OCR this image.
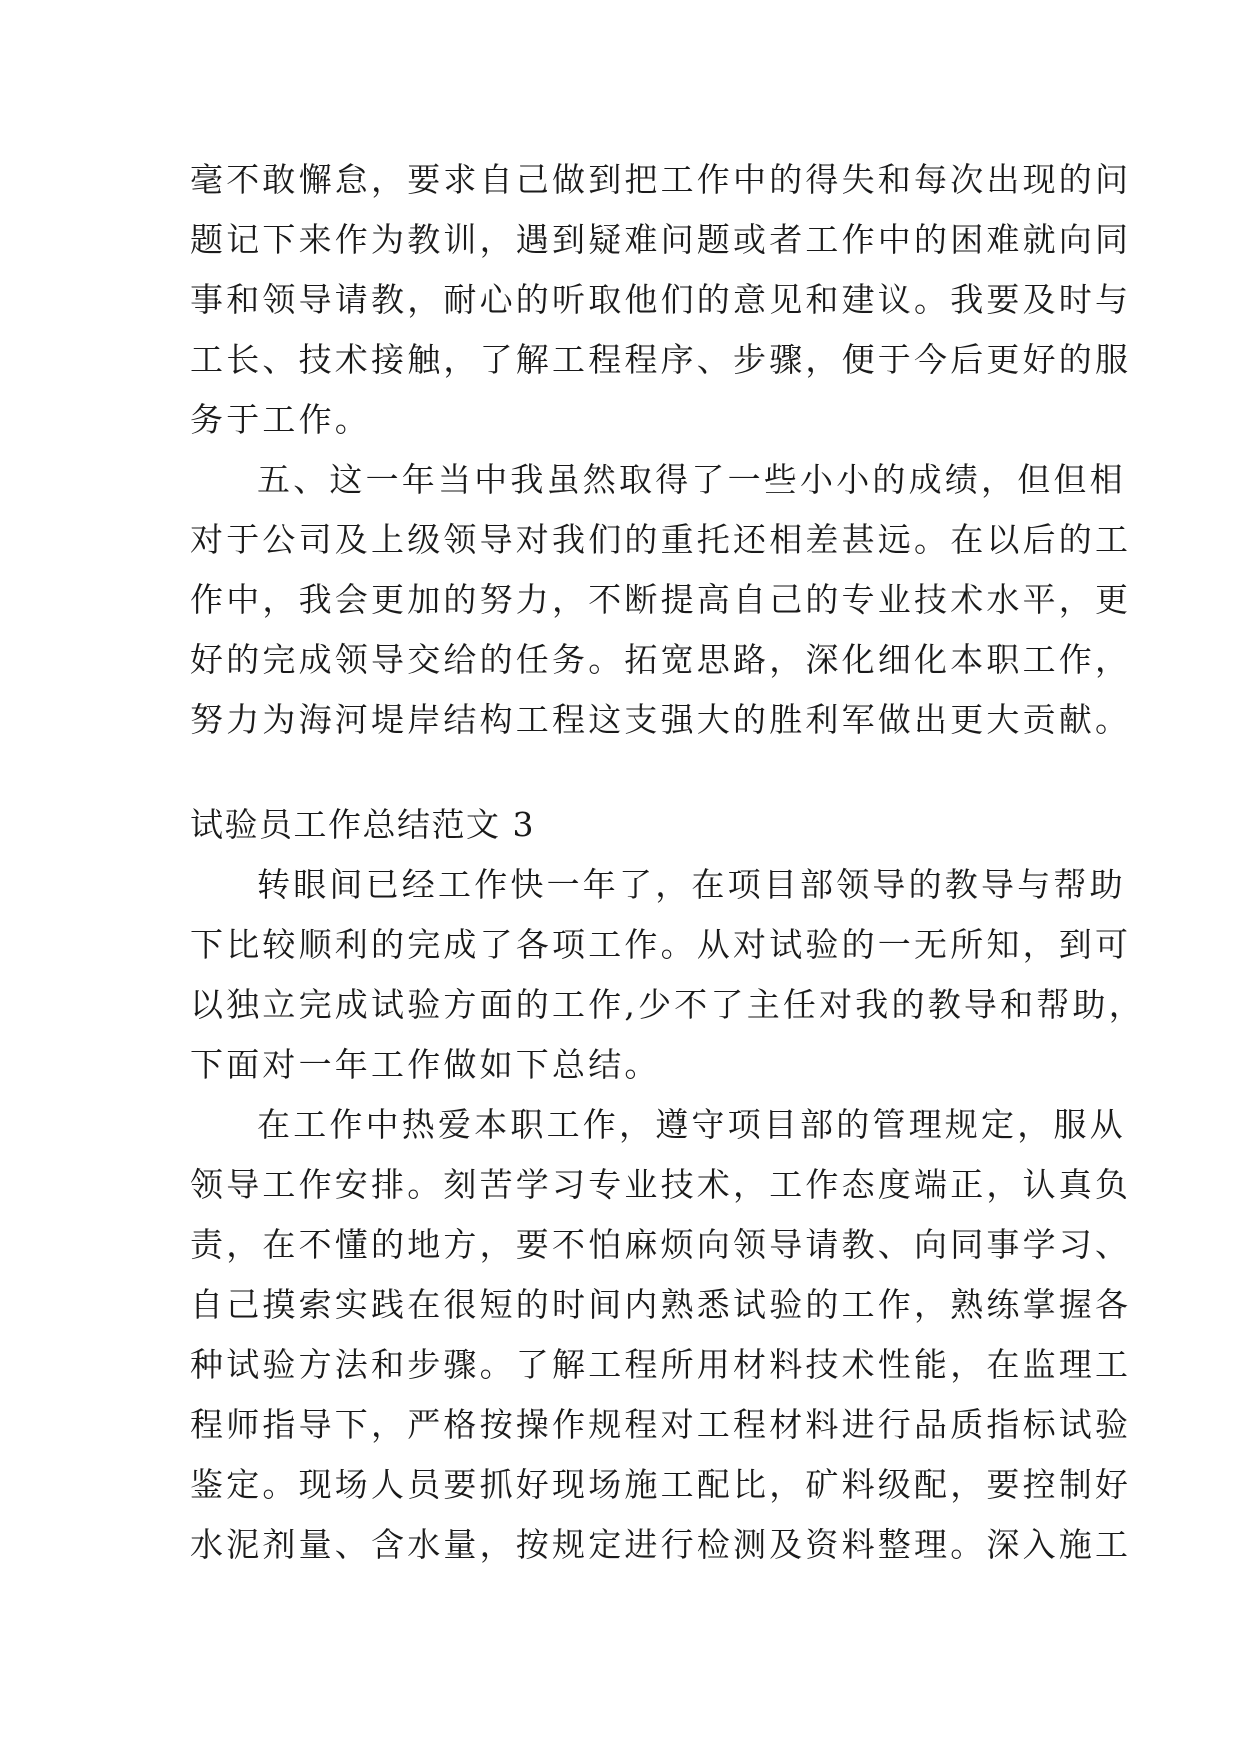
毫不敢懈怠，要求自己做到把工作中的得失和每次出现的问
题记下来作为教训，遇到疑难问题或者工作中的困难就向同
事和领导请教，耐心的听取他们的意见和建议。我要及时与
工长、技术接触，了解工程程序、步骤，便于今后更好的服
务于工作。
五、这一年当中我虽然取得了一些小小的成绩，但但相
对于公司及上级领导对我们的重托还相差甚远。在以后的工
作中，我会更加的努力，不断提高自己的专业技术水平，更
好的完成领导交给的任务。拓宽思路，深化细化本职工作，
努力为海河堤岸结构工程这支强大的胜利军做出更大贡献。
试验员工作总结范文 3
转眼间已经工作快一年了，在项目部领导的教导与帮助
下比较顺利的完成了各项工作。从对试验的一无所知，到可
以独立完成试验方面的工作,少不了主任对我的教导和帮助，
下面对一年工作做如下总结。
在工作中热爱本职工作，遵守项目部的管理规定，服从
领导工作安排。刻苦学习专业技术，工作态度端正，认真负
责，在不懂的地方，要不怕麻烦向领导请教、向同事学习、
自己摸索实践在很短的时间内熟悉试验的工作，熟练掌握各
种试验方法和步骤。了解工程所用材料技术性能，在监理工
程师指导下，严格按操作规程对工程材料进行品质指标试验
鉴定。现场人员要抓好现场施工配比，矿料级配，要控制好
水泥剂量、含水量，按规定进行检测及资料整理。深入施工
